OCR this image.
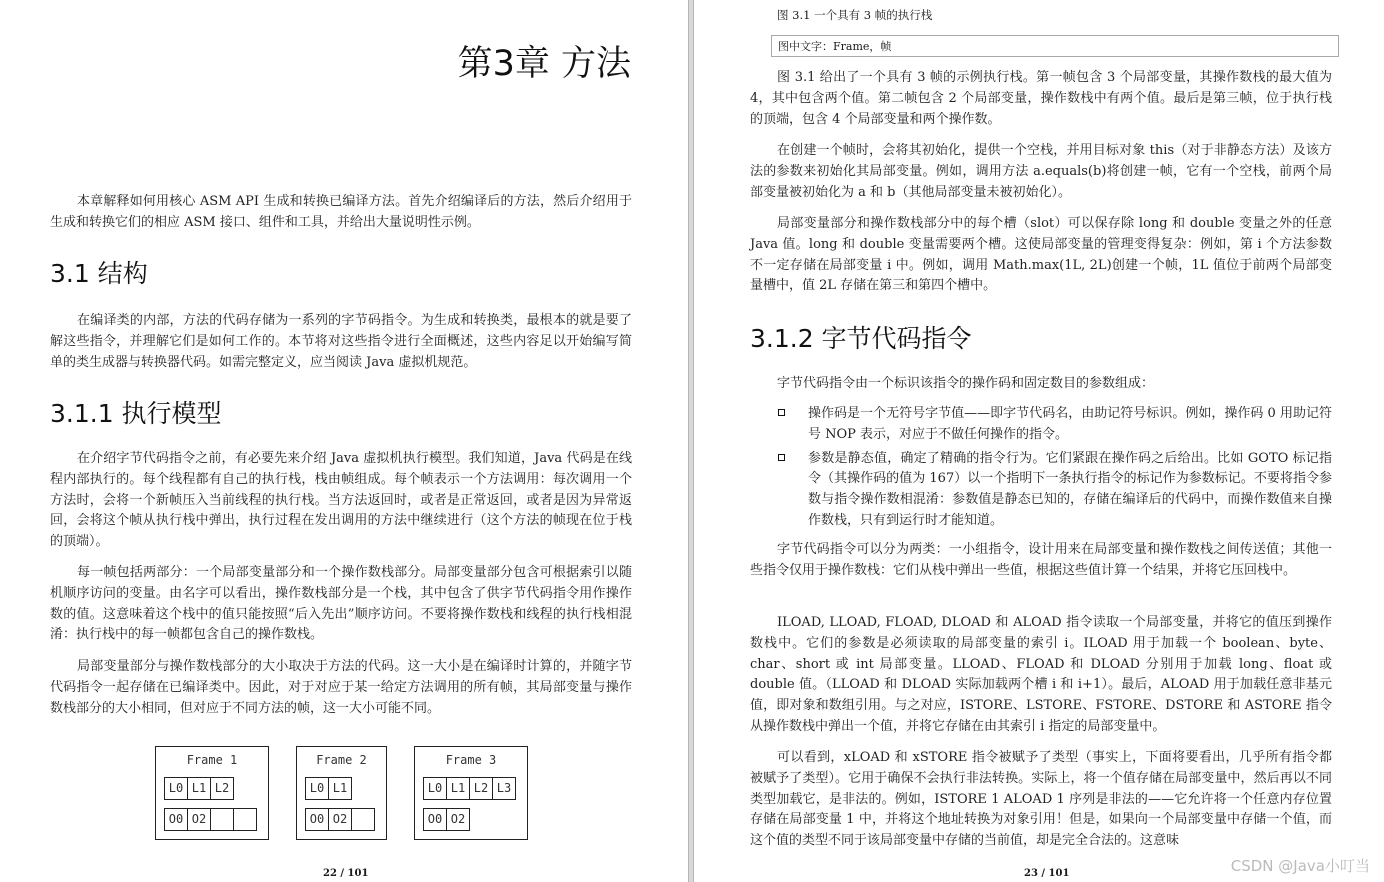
第3章 方法

本章解释如何用核心 ASM API 生成和转换已编译方法。首先介绍编译后的方法，然后介绍用于生成和转换它们的相应 ASM 接口、组件和工具，并给出大量说明性示例。

3.1 结构

在编译类的内部，方法的代码存储为一系列的字节码指令。为生成和转换类，最根本的就是要了解这些指令，并理解它们是如何工作的。本节将对这些指令进行全面概述，这些内容足以开始编写简单的类生成器与转换器代码。如需完整定义，应当阅读 Java 虚拟机规范。

3.1.1 执行模型

在介绍字节代码指令之前，有必要先来介绍 Java 虚拟机执行模型。我们知道，Java 代码是在线程内部执行的。每个线程都有自己的执行栈，栈由帧组成。每个帧表示一个方法调用：每次调用一个方法时，会将一个新帧压入当前线程的执行栈。当方法返回时，或者是正常返回，或者是因为异常返回，会将这个帧从执行栈中弹出，执行过程在发出调用的方法中继续进行（这个方法的帧现在位于栈的顶端）。

每一帧包括两部分：一个局部变量部分和一个操作数栈部分。局部变量部分包含可根据索引以随机顺序访问的变量。由名字可以看出，操作数栈部分是一个栈，其中包含了供字节代码指令用作操作数的值。这意味着这个栈中的值只能按照“后入先出”顺序访问。不要将操作数栈和线程的执行栈相混淆：执行栈中的每一帧都包含自己的操作数栈。

局部变量部分与操作数栈部分的大小取决于方法的代码。这一大小是在编译时计算的，并随字节代码指令一起存储在已编译类中。因此，对于对应于某一给定方法调用的所有帧，其局部变量与操作数栈部分的大小相同，但对应于不同方法的帧，这一大小可能不同。

Frame 1
L0 L1 L2
O0 O2
Frame 2
L0 L1
O0 O2
Frame 3
L0 L1 L2 L3
O0 O2
22 / 101
图 3.1 一个具有 3 帧的执行栈
图中文字：Frame，帧

图 3.1 给出了一个具有 3 帧的示例执行栈。第一帧包含 3 个局部变量，其操作数栈的最大值为 4，其中包含两个值。第二帧包含 2 个局部变量，操作数栈中有两个值。最后是第三帧，位于执行栈的顶端，包含 4 个局部变量和两个操作数。

在创建一个帧时，会将其初始化，提供一个空栈，并用目标对象 this（对于非静态方法）及该方法的参数来初始化其局部变量。例如，调用方法 a.equals(b)将创建一帧，它有一个空栈，前两个局部变量被初始化为 a 和 b（其他局部变量未被初始化）。

局部变量部分和操作数栈部分中的每个槽（slot）可以保存除 long 和 double 变量之外的任意 Java 值。long 和 double 变量需要两个槽。这使局部变量的管理变得复杂：例如，第 i 个方法参数不一定存储在局部变量 i 中。例如，调用 Math.max(1L, 2L)创建一个帧，1L 值位于前两个局部变量槽中，值 2L 存储在第三和第四个槽中。

3.1.2 字节代码指令

字节代码指令由一个标识该指令的操作码和固定数目的参数组成：

操作码是一个无符号字节值——即字节代码名，由助记符号标识。例如，操作码 0 用助记符号 NOP 表示，对应于不做任何操作的指令。
参数是静态值，确定了精确的指令行为。它们紧跟在操作码之后给出。比如 GOTO 标记指令（其操作码的值为 167）以一个指明下一条执行指令的标记作为参数标记。不要将指令参数与指令操作数相混淆：参数值是静态已知的，存储在编译后的代码中，而操作数值来自操作数栈，只有到运行时才能知道。

字节代码指令可以分为两类：一小组指令，设计用来在局部变量和操作数栈之间传送值；其他一些指令仅用于操作数栈：它们从栈中弹出一些值，根据这些值计算一个结果，并将它压回栈中。

ILOAD, LLOAD, FLOAD, DLOAD 和 ALOAD 指令读取一个局部变量，并将它的值压到操作数栈中。它们的参数是必须读取的局部变量的索引 i。ILOAD 用于加载一个 boolean、byte、char、short 或 int 局部变量。LLOAD、FLOAD 和 DLOAD 分别用于加载 long、float 或 double 值。（LLOAD 和 DLOAD 实际加载两个槽 i 和 i+1）。最后，ALOAD 用于加载任意非基元值，即对象和数组引用。与之对应，ISTORE、LSTORE、FSTORE、DSTORE 和 ASTORE 指令从操作数栈中弹出一个值，并将它存储在由其索引 i 指定的局部变量中。

可以看到，xLOAD 和 xSTORE 指令被赋予了类型（事实上，下面将要看出，几乎所有指令都被赋予了类型）。它用于确保不会执行非法转换。实际上，将一个值存储在局部变量中，然后再以不同类型加载它，是非法的。例如，ISTORE 1 ALOAD 1 序列是非法的——它允许将一个任意内存位置存储在局部变量 1 中，并将这个地址转换为对象引用！但是，如果向一个局部变量中存储一个值，而这个值的类型不同于该局部变量中存储的当前值，却是完全合法的。这意味

23 / 101	CSDN @Java小叮当
